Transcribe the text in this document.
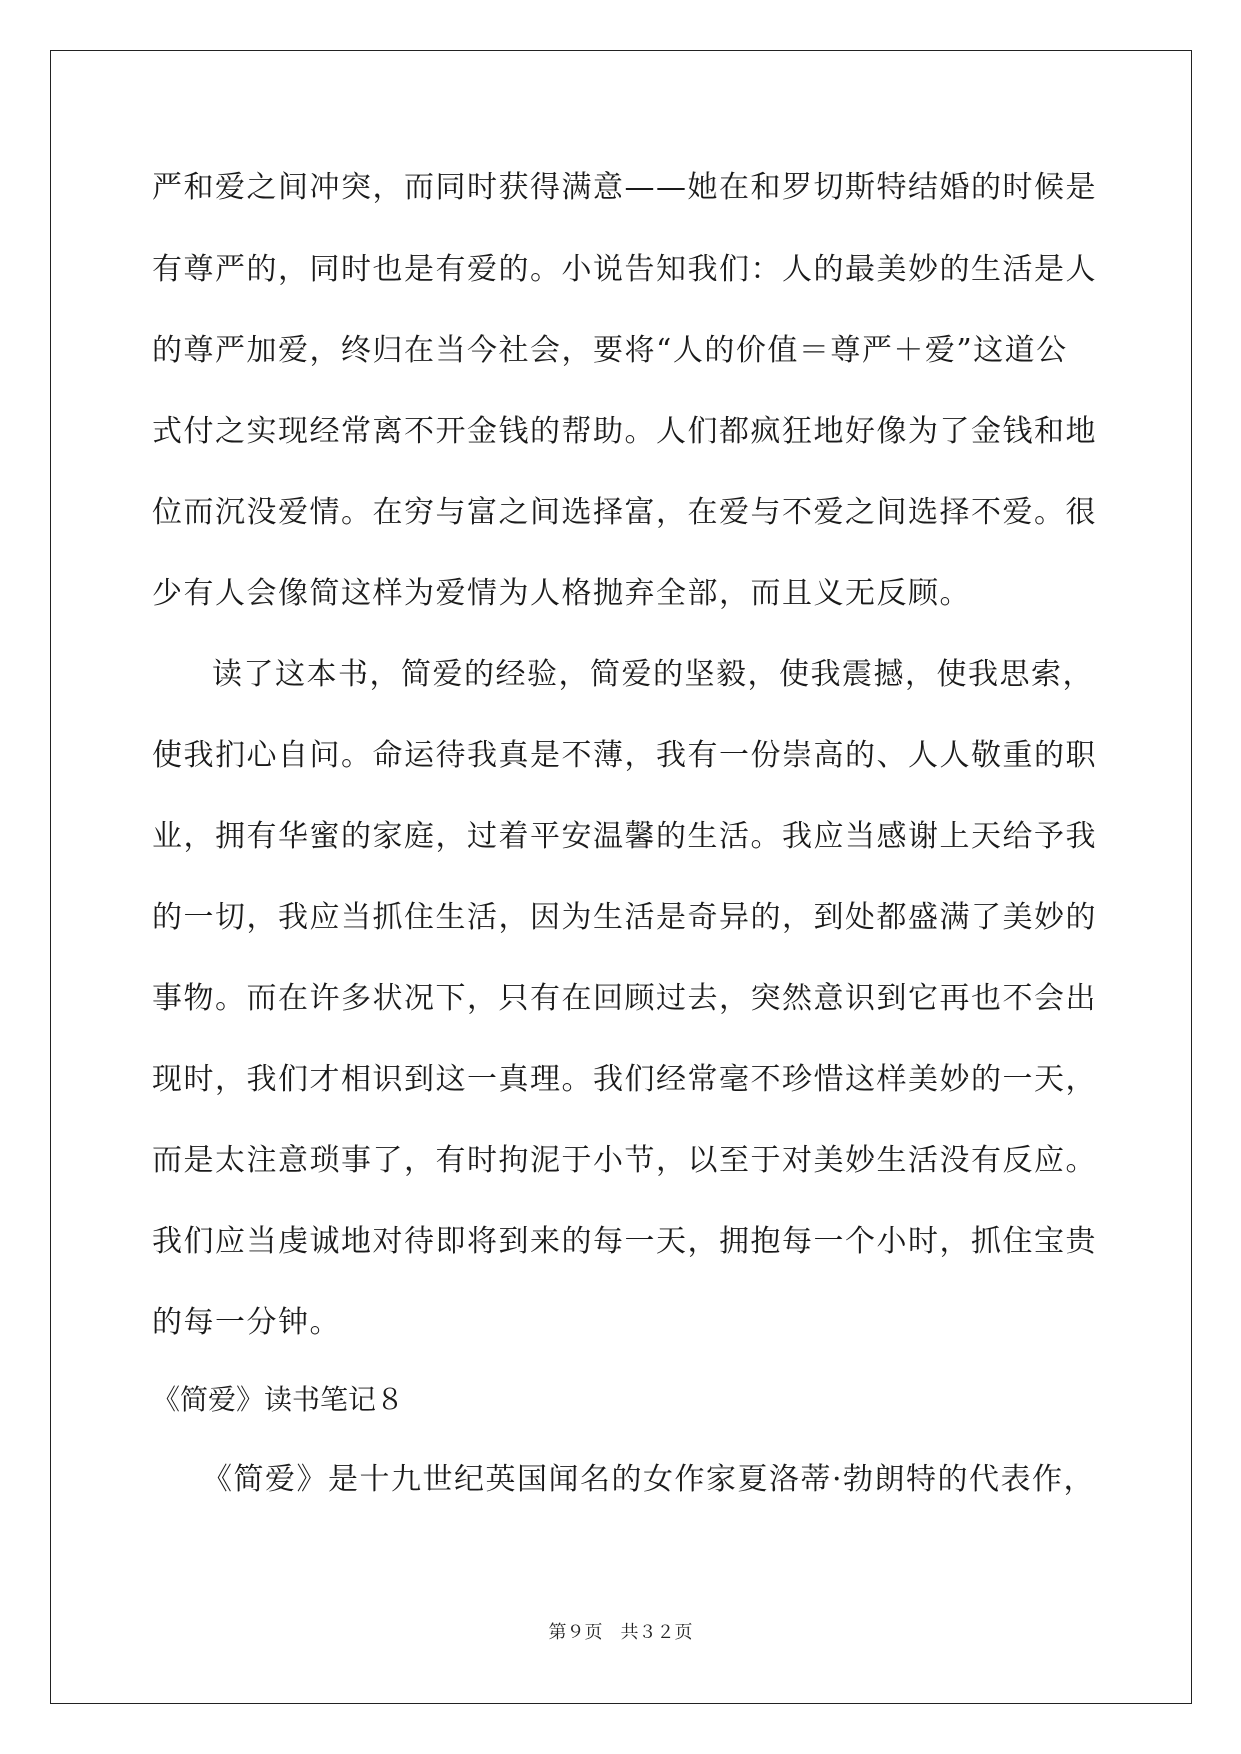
严和爱之间冲突，而同时获得满意——她在和罗切斯特结婚的时候是
有尊严的，同时也是有爱的。小说告知我们：人的最美妙的生活是人
的尊严加爱，终归在当今社会，要将“人的价值＝尊严＋爱”这道公
式付之实现经常离不开金钱的帮助。人们都疯狂地好像为了金钱和地
位而沉没爱情。在穷与富之间选择富，在爱与不爱之间选择不爱。很
少有人会像简这样为爱情为人格抛弃全部，而且义无反顾。
读了这本书，简爱的经验，简爱的坚毅，使我震撼，使我思索，
使我扪心自问。命运待我真是不薄，我有一份崇高的、人人敬重的职
业，拥有华蜜的家庭，过着平安温馨的生活。我应当感谢上天给予我
的一切，我应当抓住生活，因为生活是奇异的，到处都盛满了美妙的
事物。而在许多状况下，只有在回顾过去，突然意识到它再也不会出
现时，我们才相识到这一真理。我们经常毫不珍惜这样美妙的一天，
而是太注意琐事了，有时拘泥于小节，以至于对美妙生活没有反应。
我们应当虔诚地对待即将到来的每一天，拥抱每一个小时，抓住宝贵
的每一分钟。
《简爱》读书笔记８
《简爱》是十九世纪英国闻名的女作家夏洛蒂·勃朗特的代表作，
第９页　共３２页
